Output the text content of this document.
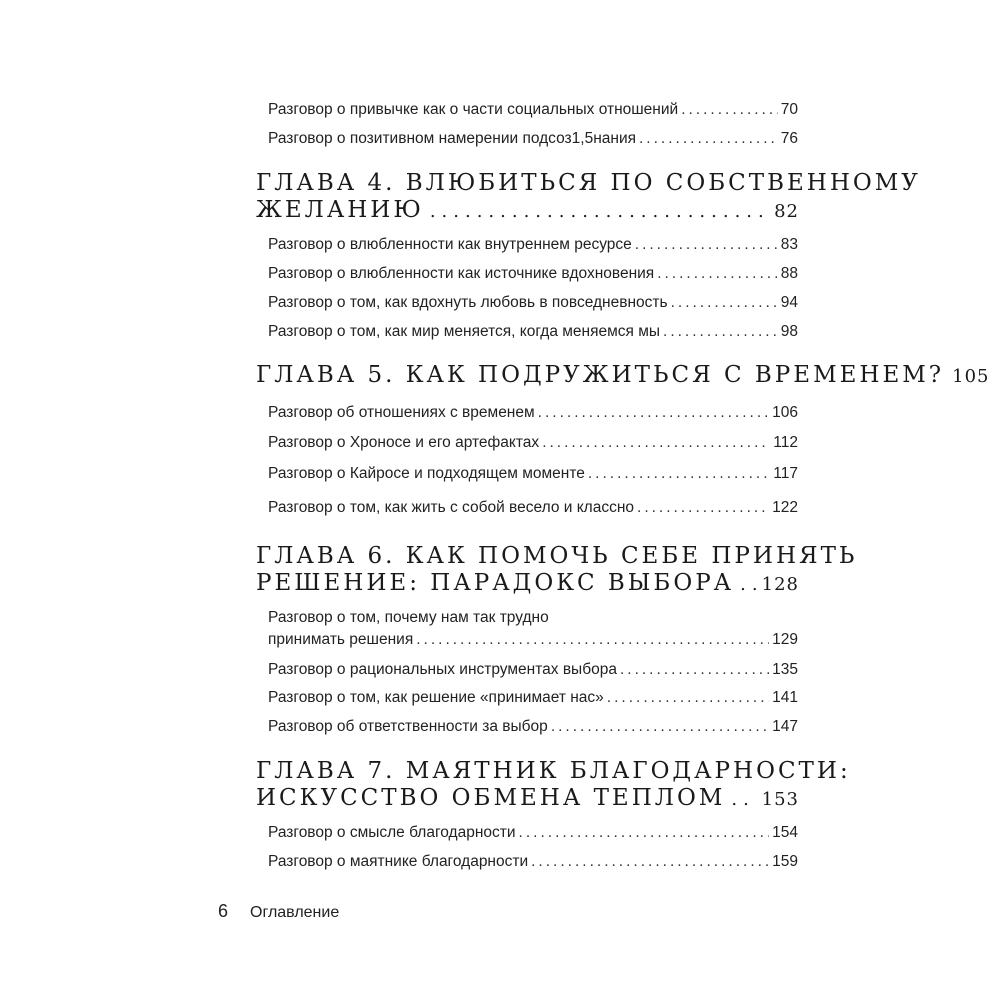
Разговор о привычке как о части социальных отношений .....	70
Разговор о позитивном намерении подсоз1,5нания .....	76
ГЛАВА 4. ВЛЮБИТЬСЯ ПО СОБСТВЕННОМУ
ЖЕЛАНИЮ .....	82
Разговор о влюбленности как внутреннем ресурсе .....	83
Разговор о влюбленности как источнике вдохновения .....	88
Разговор о том, как вдохнуть любовь в повседневность .....	94
Разговор о том, как мир меняется, когда меняемся мы .....	98
ГЛАВА 5. КАК ПОДРУЖИТЬСЯ С ВРЕМЕНЕМ? 105
Разговор об отношениях с временем .....	106
Разговор о Хроносе и его артефактах .....	112
Разговор о Кайросе и подходящем моменте .....	117
Разговор о том, как жить с собой весело и классно .....	122
ГЛАВА 6. КАК ПОМОЧЬ СЕБЕ ПРИНЯТЬ
РЕШЕНИЕ: ПАРАДОКС ВЫБОРА ..... 128
Разговор о том, почему нам так трудно
принимать решения .....	129
Разговор о рациональных инструментах выбора .....	135
Разговор о том, как решение «принимает нас» .....	141
Разговор об ответственности за выбор .....	147
ГЛАВА 7. МАЯТНИК БЛАГОДАРНОСТИ:
ИСКУССТВО ОБМЕНА ТЕПЛОМ ..... 153
Разговор о смысле благодарности .....	154
Разговор о маятнике благодарности .....	159
6 Оглавление
